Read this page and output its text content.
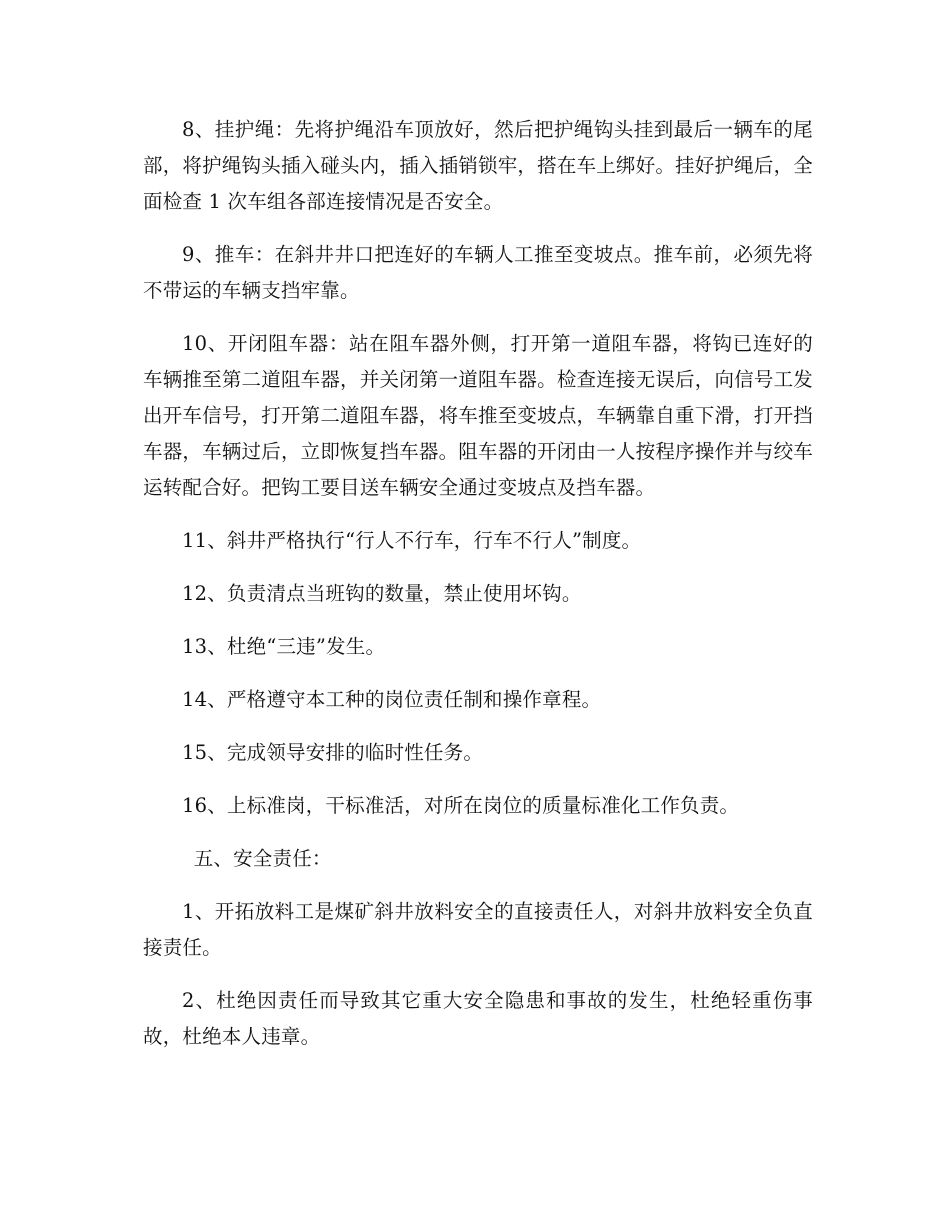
8、挂护绳：先将护绳沿车顶放好，然后把护绳钩头挂到最后一辆车的尾部，将护绳钩头插入碰头内，插入插销锁牢，搭在车上绑好。挂好护绳后，全面检查 1 次车组各部连接情况是否安全。

9、推车：在斜井井口把连好的车辆人工推至变坡点。推车前，必须先将不带运的车辆支挡牢靠。

10、开闭阻车器：站在阻车器外侧，打开第一道阻车器，将钩已连好的车辆推至第二道阻车器，并关闭第一道阻车器。检查连接无误后，向信号工发出开车信号，打开第二道阻车器，将车推至变坡点，车辆靠自重下滑，打开挡车器，车辆过后，立即恢复挡车器。阻车器的开闭由一人按程序操作并与绞车运转配合好。把钩工要目送车辆安全通过变坡点及挡车器。

11、斜井严格执行“行人不行车，行车不行人”制度。

12、负责清点当班钩的数量，禁止使用坏钩。

13、杜绝“三违”发生。

14、严格遵守本工种的岗位责任制和操作章程。

15、完成领导安排的临时性任务。

16、上标准岗，干标准活，对所在岗位的质量标准化工作负责。

五、安全责任：

1、开拓放料工是煤矿斜井放料安全的直接责任人，对斜井放料安全负直接责任。

2、杜绝因责任而导致其它重大安全隐患和事故的发生，杜绝轻重伤事故，杜绝本人违章。
